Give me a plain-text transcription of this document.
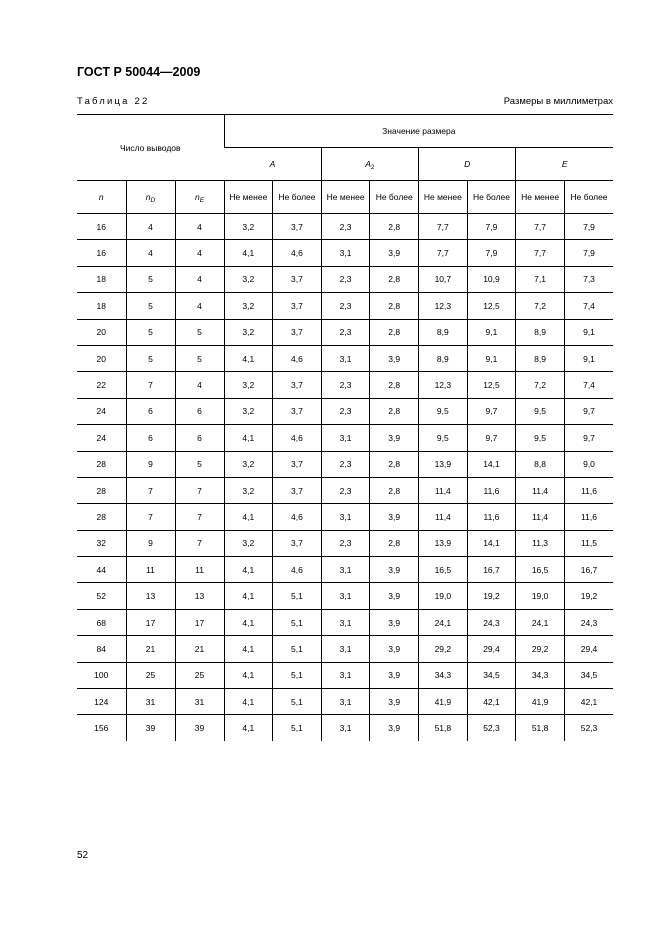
ГОСТ Р 50044—2009
Таблица 22	Размеры в миллиметрах
Число выводов			Значение размера							
			A		$A_2$		D		E	
n	$n_D$	$n_E$	Не менее	Не более	Не менее	Не более	Не менее	Не более	Не менее	Не более
16	4	4	3,2	3,7	2,3	2,8	7,7	7,9	7,7	7,9
16	4	4	4,1	4,6	3,1	3,9	7,7	7,9	7,7	7,9
18	5	4	3,2	3,7	2,3	2,8	10,7	10,9	7,1	7,3
18	5	4	3,2	3,7	2,3	2,8	12,3	12,5	7,2	7,4
20	5	5	3,2	3,7	2,3	2,8	8,9	9,1	8,9	9,1
20	5	5	4,1	4,6	3,1	3,9	8,9	9,1	8,9	9,1
22	7	4	3,2	3,7	2,3	2,8	12,3	12,5	7,2	7,4
24	6	6	3,2	3,7	2,3	2,8	9,5	9,7	9,5	9,7
24	6	6	4,1	4,6	3,1	3,9	9,5	9,7	9,5	9,7
28	9	5	3,2	3,7	2,3	2,8	13,9	14,1	8,8	9,0
28	7	7	3,2	3,7	2,3	2,8	11,4	11,6	11,4	11,6
28	7	7	4,1	4,6	3,1	3,9	11,4	11,6	11,4	11,6
32	9	7	3,2	3,7	2,3	2,8	13,9	14,1	11,3	11,5
44	11	11	4,1	4,6	3,1	3,9	16,5	16,7	16,5	16,7
52	13	13	4,1	5,1	3,1	3,9	19,0	19,2	19,0	19,2
68	17	17	4,1	5,1	3,1	3,9	24,1	24,3	24,1	24,3
84	21	21	4,1	5,1	3,1	3,9	29,2	29,4	29,2	29,4
100	25	25	4,1	5,1	3,1	3,9	34,3	34,5	34,3	34,5
124	31	31	4,1	5,1	3,1	3,9	41,9	42,1	41,9	42,1
156	39	39	4,1	5,1	3,1	3,9	51,8	52,3	51,8	52,3
52
